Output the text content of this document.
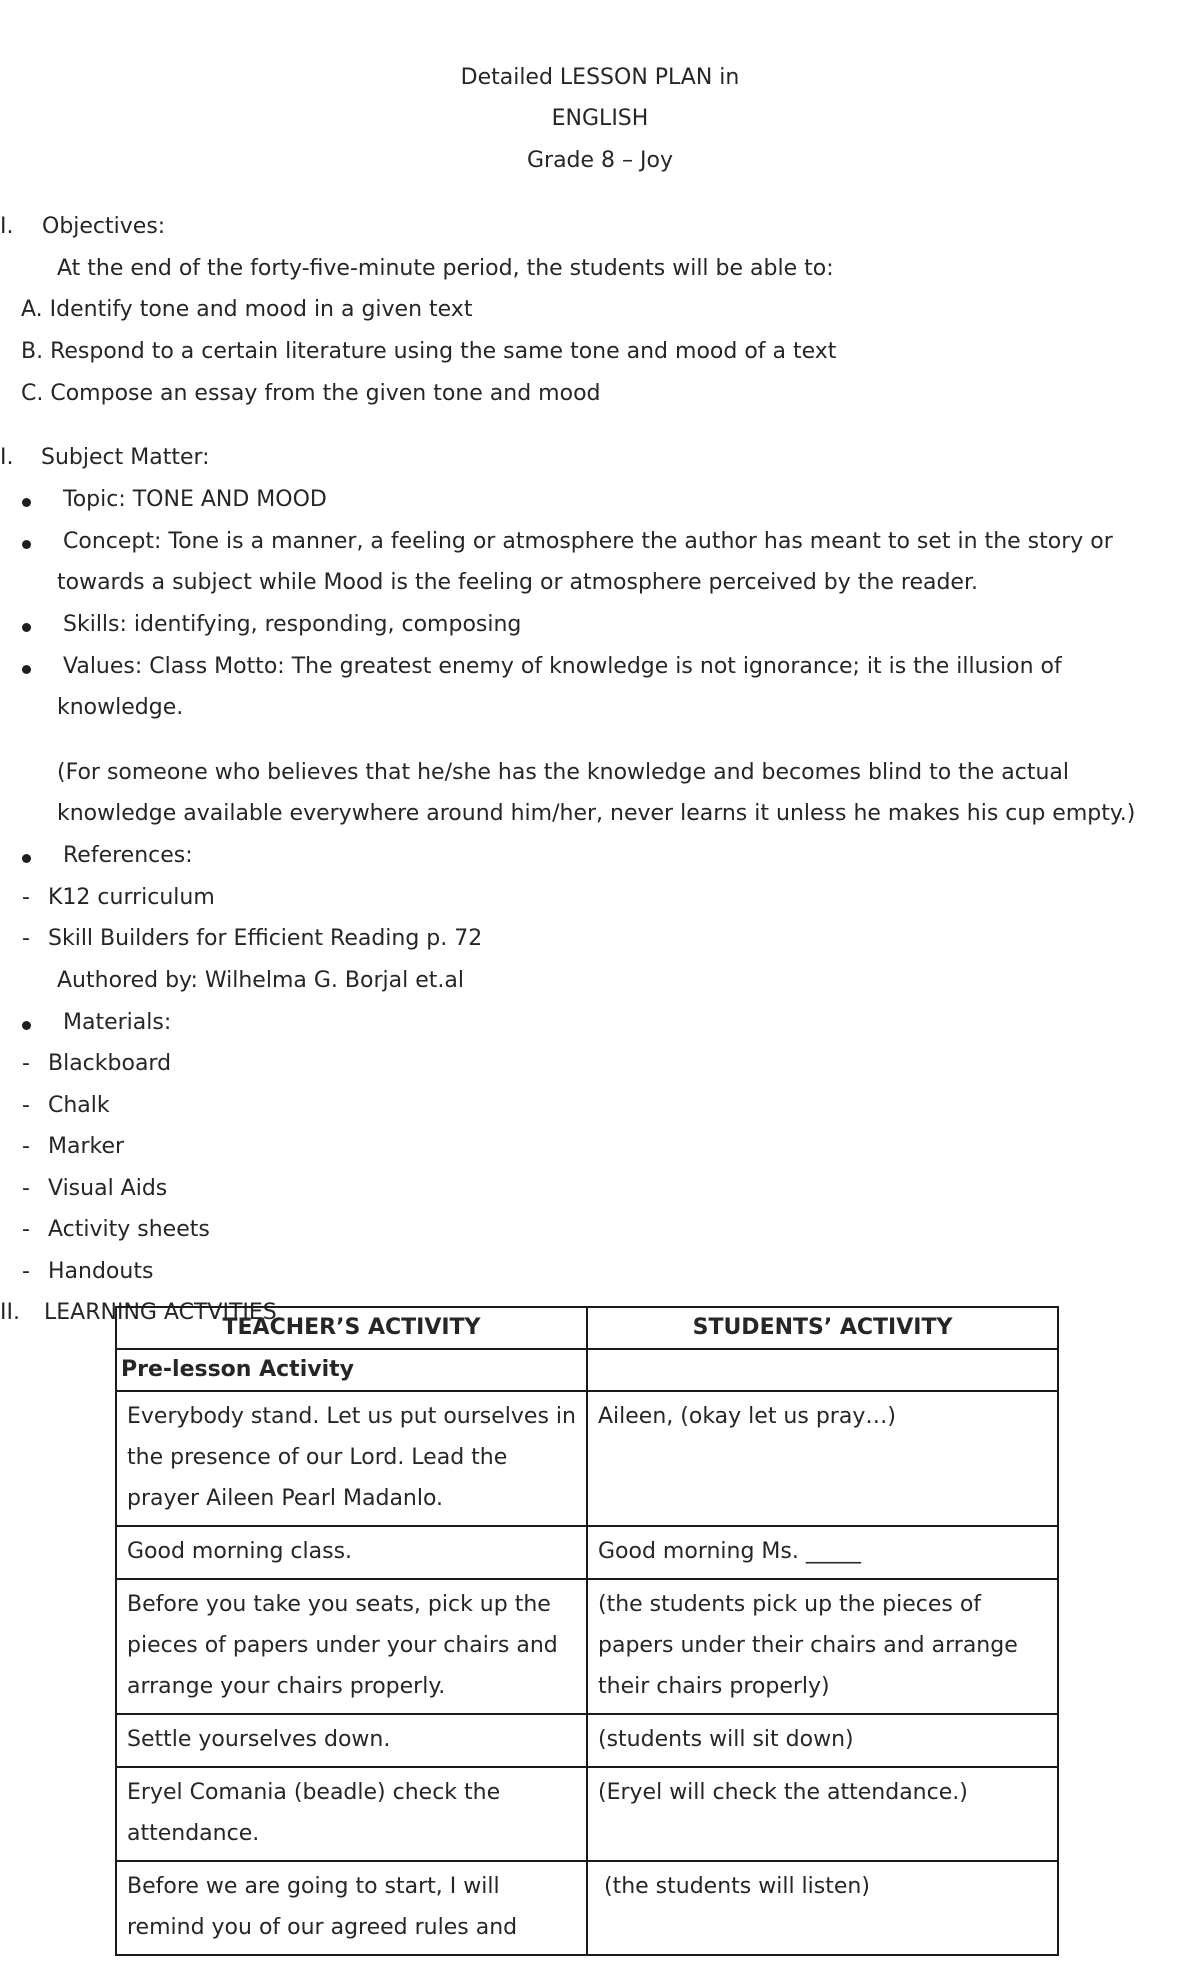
Detailed LESSON PLAN in
ENGLISH
Grade 8 – Joy
I. Objectives:
At the end of the forty-five-minute period, the students will be able to:
A. Identify tone and mood in a given text
B. Respond to a certain literature using the same tone and mood of a text
C. Compose an essay from the given tone and mood
I. Subject Matter:
Topic: TONE AND MOOD
Concept: Tone is a manner, a feeling or atmosphere the author has meant to set in the story or
towards a subject while Mood is the feeling or atmosphere perceived by the reader.
Skills: identifying, responding, composing
Values: Class Motto: The greatest enemy of knowledge is not ignorance; it is the illusion of
knowledge.
(For someone who believes that he/she has the knowledge and becomes blind to the actual
knowledge available everywhere around him/her, never learns it unless he makes his cup empty.)
References:
- K12 curriculum
- Skill Builders for Efficient Reading p. 72
Authored by: Wilhelma G. Borjal et.al
Materials:
- Blackboard
- Chalk
- Marker
- Visual Aids
- Activity sheets
- Handouts
II. LEARNING ACTVITIES
TEACHER’S ACTIVITY	STUDENTS’ ACTIVITY
Pre-lesson Activity	
Everybody stand. Let us put ourselves in the presence of our Lord. Lead the prayer Aileen Pearl Madanlo.	Aileen, (okay let us pray…)
Good morning class.	Good morning Ms. _____
Before you take you seats, pick up the pieces of papers under your chairs and arrange your chairs properly.	(the students pick up the pieces of papers under their chairs and arrange their chairs properly)
Settle yourselves down.	(students will sit down)
Eryel Comania (beadle) check the attendance.	(Eryel will check the attendance.)
Before we are going to start, I will remind you of our agreed rules and	(the students will listen)
